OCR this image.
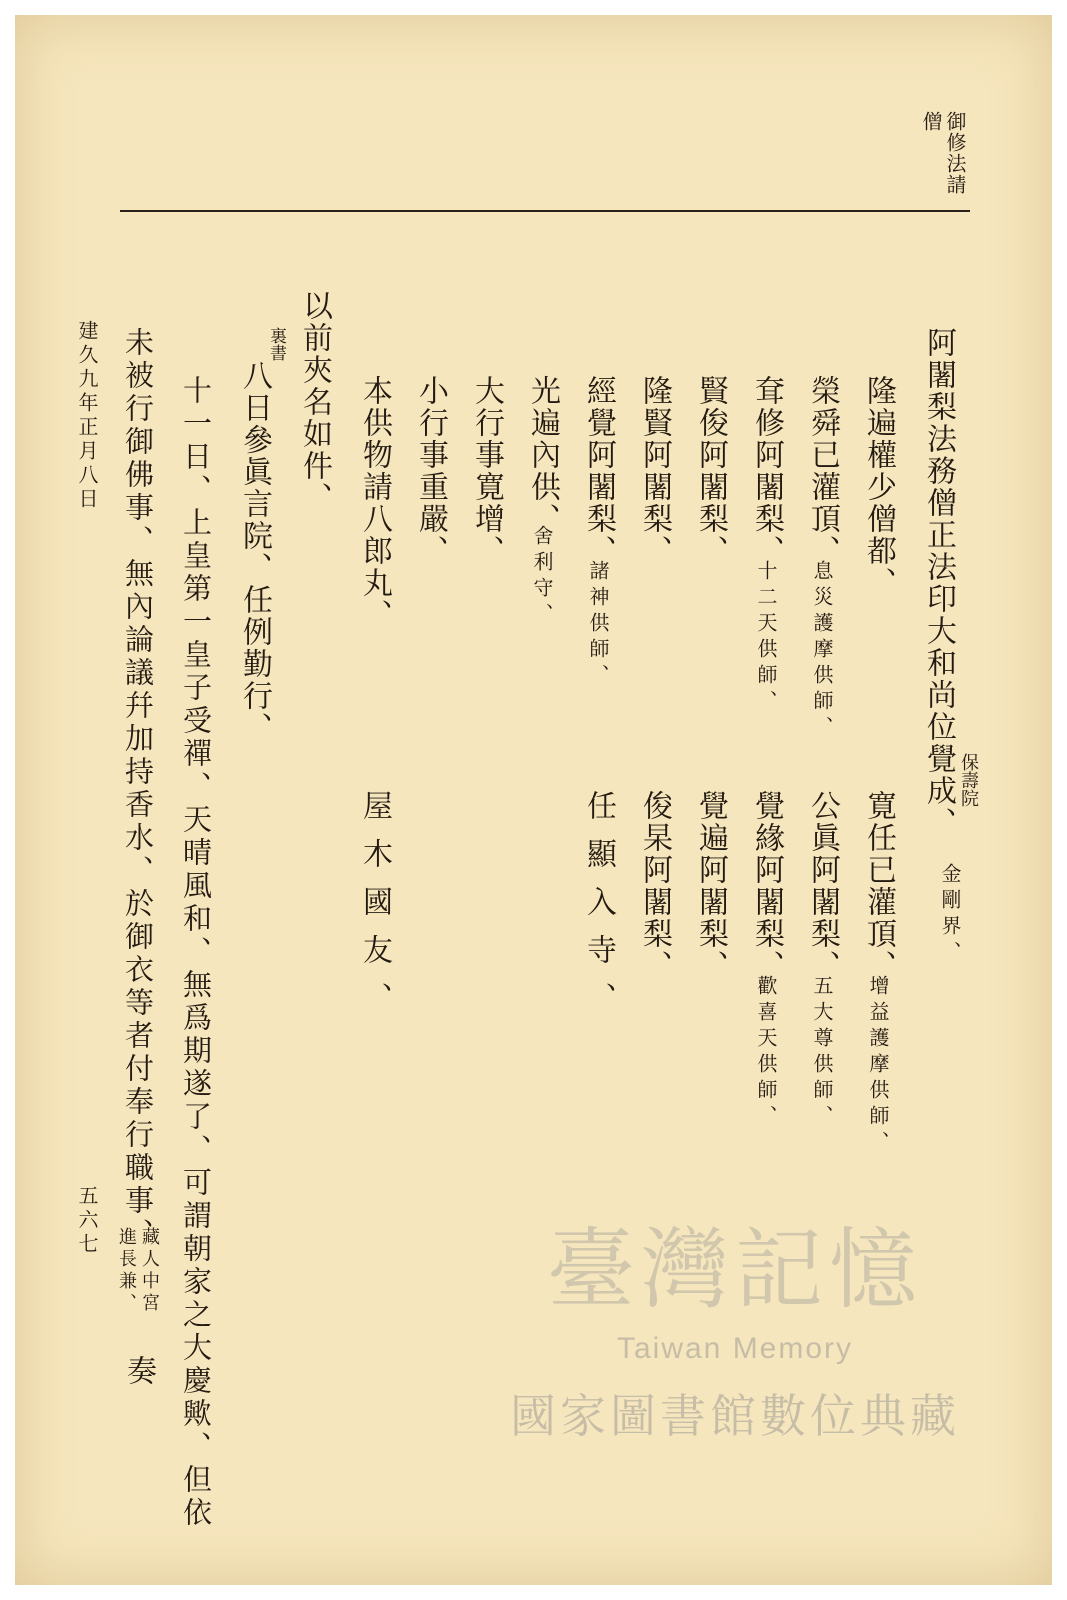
御修法請
僧
阿闍梨法務僧正法印大和尚位覺成、 保壽院
金剛界、
隆遍權少僧都、
寛任已灌頂、
增益護摩供師、
榮舜已灌頂、
息災護摩供師、
公眞阿闍梨、
五大尊供師、
耷修阿闍梨、
十二天供師、
覺緣阿闍梨、
歡喜天供師、
賢俊阿闍梨、
覺遍阿闍梨、
隆賢阿闍梨、
俊杲阿闍梨、
經覺阿闍梨、
諸神供師、
任顯入寺、
光遍內供、
舍利守、
大行事寛增、
小行事重嚴、
本供物請八郎丸、
屋木國友、
以前夾名如件、
裏書
八日參眞言院、任例勤行、
十一日、上皇第一皇子受禪、天晴風和、無爲期遂了、可謂朝家之大慶歟、但依
未被行御佛事、無內論議幷加持香水、於御衣等者付奉行職事、
藏人中宮
進長兼、
奏
建久九年正月八日
五六七	臺灣記憶
Taiwan Memory
國家圖書館數位典藏
